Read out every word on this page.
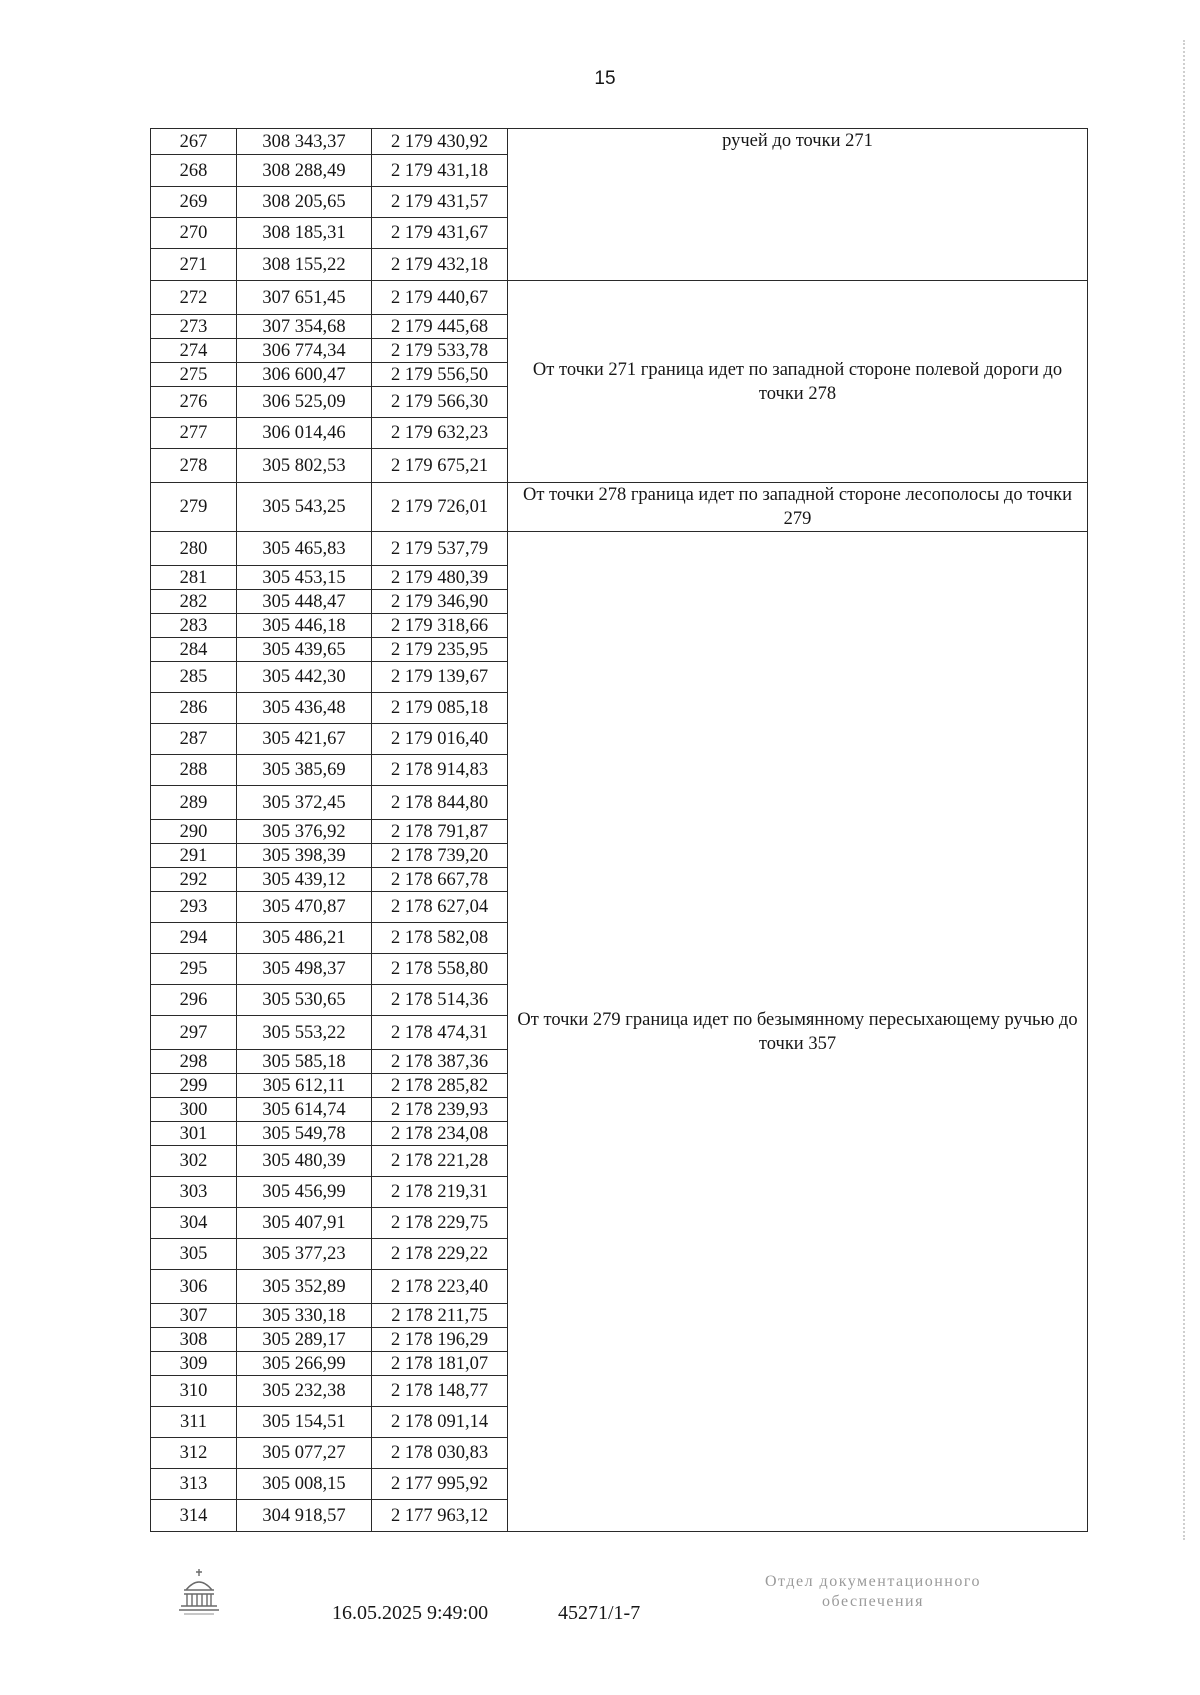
15
267	308 343,37	2 179 430,92	ручей до точки 271
268	308 288,49	2 179 431,18	
269	308 205,65	2 179 431,57	
270	308 185,31	2 179 431,67	
271	308 155,22	2 179 432,18	
272	307 651,45	2 179 440,67	От точки 271 граница идет по западной стороне полевой дороги до точки 278
273	307 354,68	2 179 445,68	
274	306 774,34	2 179 533,78	
275	306 600,47	2 179 556,50	
276	306 525,09	2 179 566,30	
277	306 014,46	2 179 632,23	
278	305 802,53	2 179 675,21	
279	305 543,25	2 179 726,01	От точки 278 граница идет по западной стороне лесополосы до точки 279
280	305 465,83	2 179 537,79	От точки 279 граница идет по безымянному пересыхающему ручью до точки 357
281	305 453,15	2 179 480,39	
282	305 448,47	2 179 346,90	
283	305 446,18	2 179 318,66	
284	305 439,65	2 179 235,95	
285	305 442,30	2 179 139,67	
286	305 436,48	2 179 085,18	
287	305 421,67	2 179 016,40	
288	305 385,69	2 178 914,83	
289	305 372,45	2 178 844,80	
290	305 376,92	2 178 791,87	
291	305 398,39	2 178 739,20	
292	305 439,12	2 178 667,78	
293	305 470,87	2 178 627,04	
294	305 486,21	2 178 582,08	
295	305 498,37	2 178 558,80	
296	305 530,65	2 178 514,36	
297	305 553,22	2 178 474,31	
298	305 585,18	2 178 387,36	
299	305 612,11	2 178 285,82	
300	305 614,74	2 178 239,93	
301	305 549,78	2 178 234,08	
302	305 480,39	2 178 221,28	
303	305 456,99	2 178 219,31	
304	305 407,91	2 178 229,75	
305	305 377,23	2 178 229,22	
306	305 352,89	2 178 223,40	
307	305 330,18	2 178 211,75	
308	305 289,17	2 178 196,29	
309	305 266,99	2 178 181,07	
310	305 232,38	2 178 148,77	
311	305 154,51	2 178 091,14	
312	305 077,27	2 178 030,83	
313	305 008,15	2 177 995,92	
314	304 918,57	2 177 963,12	
16.05.2025 9:49:00	45271/1-7
Отдел документационного обеспечения
